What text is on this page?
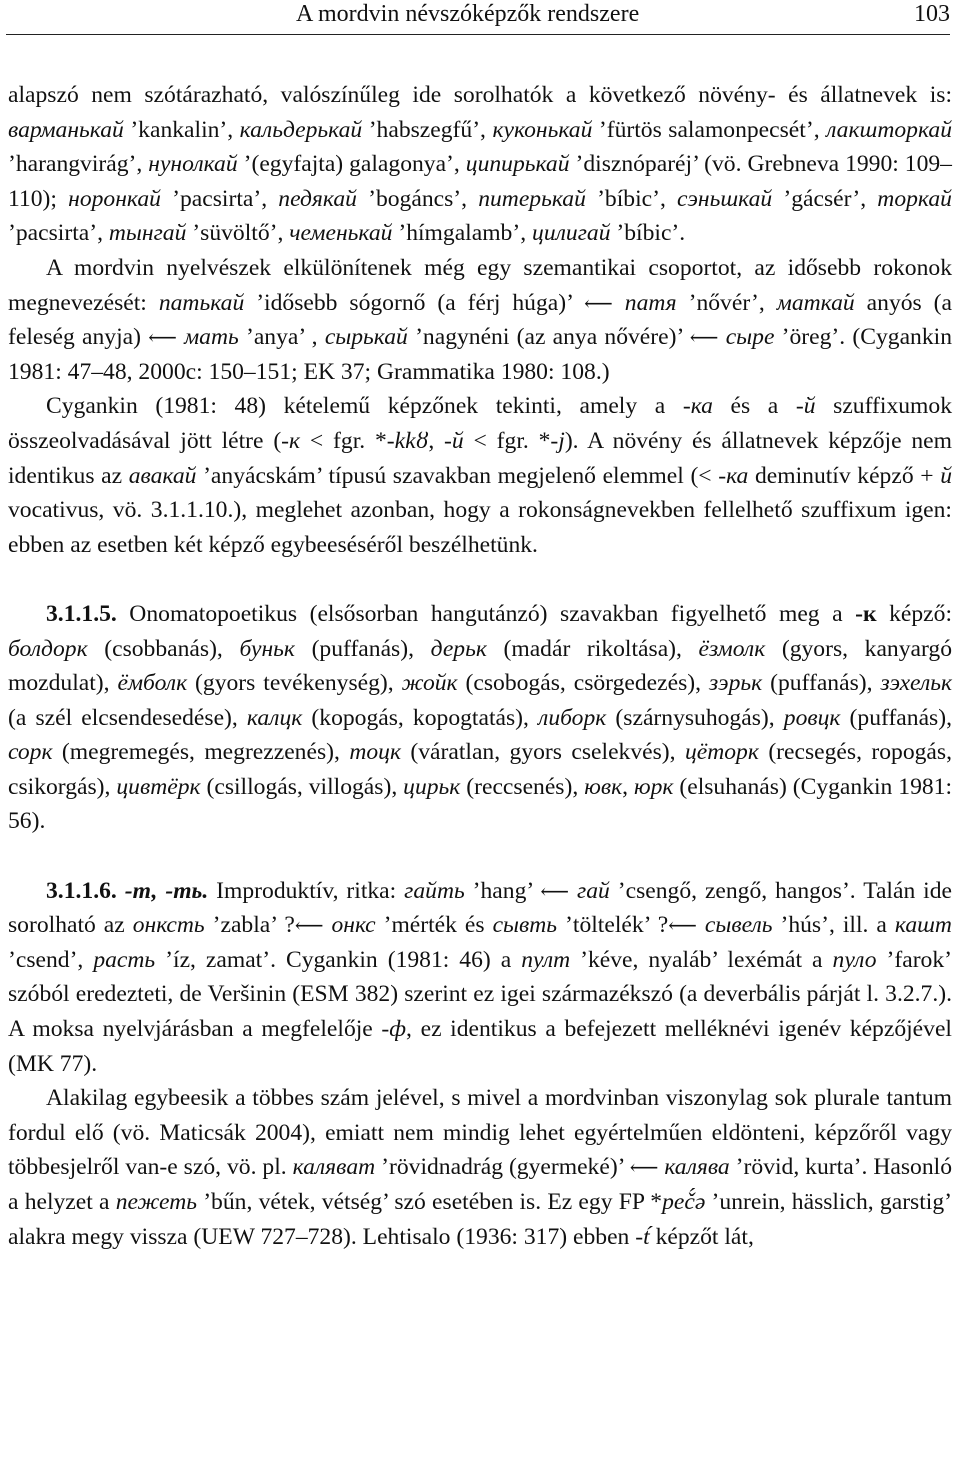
A mordvin névszóképzők rendszere	103

alapszó nem szótárazható, valószínűleg ide sorolhatók a következő növény- és állatnevek is: варманькай ’kankalin’, кальдерькай ’habszegfű’, куконькай ’fürtös salamonpecsét’, лакшторкай ’harangvirág’, нунолкай ’(egyfajta) galagonya’, ципирькай ’disznóparéj’ (vö. Grebneva 1990: 109–110); норонкай ’pacsirta’, педякай ’bogáncs’, питерькай ’bíbic’, сэньшкай ’gácsér’, торкай ’pacsirta’, тынгай ’süvöltő’, чеменькай ’hímgalamb’, цилигай ’bíbic’.

A mordvin nyelvészek elkülönítenek még egy szemantikai csoportot, az idősebb rokonok megnevezését: патькай ’idősebb sógornő (a férj húga)’ ⟵ патя ’nővér’, маткай anyós (a feleség anyja) ⟵ мать ’anya’ , сырькай ’nagynéni (az anya nővére)’ ⟵ сыре ’öreg’. (Cygankin 1981: 47–48, 2000c: 150–151; EK 37; Grammatika 1980: 108.)

Cygankin (1981: 48) kételemű képzőnek tekinti, amely a -ка és a -й szuffixumok összeolvadásával jött létre (-к < fgr. *-kkȣ, -й < fgr. *-j). A növény és állatnevek képzője nem identikus az авакай ’anyácskám’ típusú szavakban megjelenő elemmel (< -ка deminutív képző + й vocativus, vö. 3.1.1.10.), meglehet azonban, hogy a rokonságnevekben fellelhető szuffixum igen: ebben az esetben két képző egybeeséséről beszélhetünk.

3.1.1.5. Onomatopoetikus (elsősorban hangutánzó) szavakban figyelhető meg a -к képző: болдорк (csobbanás), буньк (puffanás), дерьк (madár rikoltása), ёзмолк (gyors, kanyargó mozdulat), ёмболк (gyors tevékenység), жойк (csobogás, csörgedezés), зэрьк (puffanás), зэхельк (a szél elcsendesedése), калцк (kopogás, kopogtatás), либорк (szárnysuhogás), ровцк (puffanás), сорк (megremegés, megrezzenés), тоцк (váratlan, gyors cselekvés), цёторк (recsegés, ropogás, csikorgás), цивтёрк (csillogás, villogás), цирьк (reccsenés), ювк, юрк (elsuhanás) (Cygankin 1981: 56).

3.1.1.6. -т, -ть. Improduktív, ritka: гайть ’hang’ ⟵ гай ’csengő, zengő, hangos’. Talán ide sorolható az онксть ’zabla’ ?⟵ онкс ’mérték és сывть ’töltelék’ ?⟵ сывель ’hús’, ill. a кашт ’csend’, расть ’íz, zamat’. Cygankin (1981: 46) a пулт ’kéve, nyaláb’ lexémát a пуло ’farok’ szóból eredezteti, de Veršinin (ESM 382) szerint ez igei származékszó (a deverbális párját l. 3.2.7.). A moksa nyelvjárásban a megfelelője -ф, ez identikus a befejezett melléknévi igenév képzőjével (MK 77).

Alakilag egybeesik a többes szám jelével, s mivel a mordvinban viszonylag sok plurale tantum fordul elő (vö. Maticsák 2004), emiatt nem mindig lehet egyértelműen eldönteni, képzőről vagy többesjelről van-e szó, vö. pl. калявaт ’rövidnadrág (gyermeké)’ ⟵ калява ’rövid, kurta’. Hasonló a helyzet a пежеть ’bűn, vétek, vétség’ szó esetében is. Ez egy FP *peč́ə ’unrein, hässlich, garstig’ alakra megy vissza (UEW 727–728). Lehtisalo (1936: 317) ebben -t́ képzőt lát,
